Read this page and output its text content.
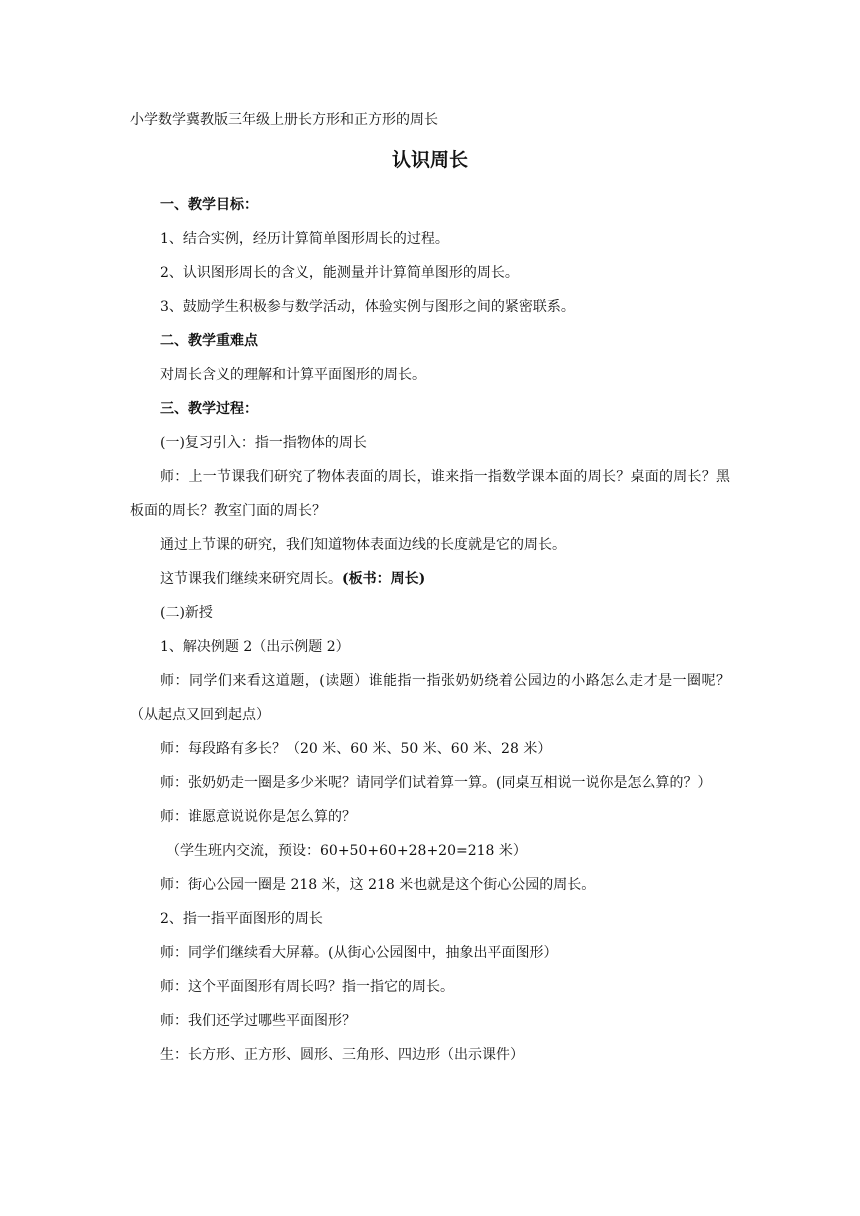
小学数学冀教版三年级上册长方形和正方形的周长
认识周长

一、教学目标：

1、结合实例，经历计算简单图形周长的过程。

2、认识图形周长的含义，能测量并计算简单图形的周长。

3、鼓励学生积极参与数学活动，体验实例与图形之间的紧密联系。

二、教学重难点

对周长含义的理解和计算平面图形的周长。

三、教学过程：

(一)复习引入：指一指物体的周长

师：上一节课我们研究了物体表面的周长，谁来指一指数学课本面的周长？桌面的周长？黑板面的周长？教室门面的周长？

通过上节课的研究，我们知道物体表面边线的长度就是它的周长。

这节课我们继续来研究周长。(板书：周长)

(二)新授

1、解决例题 2（出示例题 2）

师：同学们来看这道题，(读题）谁能指一指张奶奶绕着公园边的小路怎么走才是一圈呢？　（从起点又回到起点）

师：每段路有多长？（20 米、60 米、50 米、60 米、28 米）

师：张奶奶走一圈是多少米呢？请同学们试着算一算。(同桌互相说一说你是怎么算的？）

师：谁愿意说说你是怎么算的？

（学生班内交流，预设：60+50+60+28+20=218 米）

师：街心公园一圈是 218 米，这 218 米也就是这个街心公园的周长。

2、指一指平面图形的周长

师：同学们继续看大屏幕。(从街心公园图中，抽象出平面图形）

师：这个平面图形有周长吗？指一指它的周长。

师：我们还学过哪些平面图形？

生：长方形、正方形、圆形、三角形、四边形（出示课件）
